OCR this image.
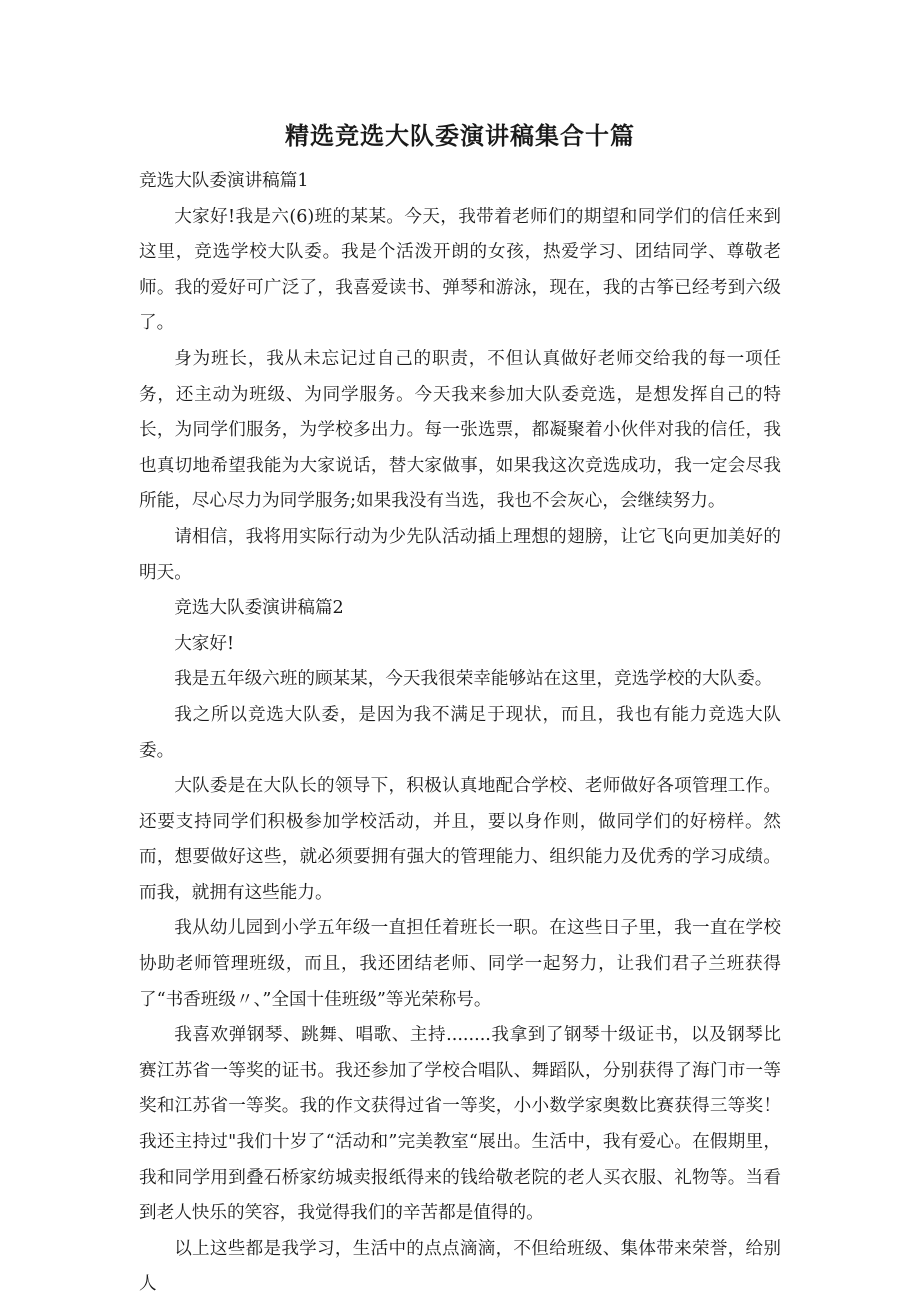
精选竞选大队委演讲稿集合十篇

竞选大队委演讲稿篇1

大家好!我是六(6)班的某某。今天，我带着老师们的期望和同学们的信任来到这里，竞选学校大队委。我是个活泼开朗的女孩，热爱学习、团结同学、尊敬老师。我的爱好可广泛了，我喜爱读书、弹琴和游泳，现在，我的古筝已经考到六级了。

身为班长，我从未忘记过自己的职责，不但认真做好老师交给我的每一项任务，还主动为班级、为同学服务。今天我来参加大队委竞选，是想发挥自己的特长，为同学们服务，为学校多出力。每一张选票，都凝聚着小伙伴对我的信任，我也真切地希望我能为大家说话，替大家做事，如果我这次竞选成功，我一定会尽我所能，尽心尽力为同学服务;如果我没有当选，我也不会灰心，会继续努力。

请相信，我将用实际行动为少先队活动插上理想的翅膀，让它飞向更加美好的明天。

竞选大队委演讲稿篇2

大家好!

我是五年级六班的顾某某，今天我很荣幸能够站在这里，竞选学校的大队委。

我之所以竞选大队委，是因为我不满足于现状，而且，我也有能力竞选大队委。

大队委是在大队长的领导下，积极认真地配合学校、老师做好各项管理工作。还要支持同学们积极参加学校活动，并且，要以身作则，做同学们的好榜样。然而，想要做好这些，就必须要拥有强大的管理能力、组织能力及优秀的学习成绩。而我，就拥有这些能力。

我从幼儿园到小学五年级一直担任着班长一职。在这些日子里，我一直在学校协助老师管理班级，而且，我还团结老师、同学一起努力，让我们君子兰班获得了“书香班级〃、”全国十佳班级”等光荣称号。

我喜欢弹钢琴、跳舞、唱歌、主持........我拿到了钢琴十级证书，以及钢琴比赛江苏省一等奖的证书。我还参加了学校合唱队、舞蹈队，分别获得了海门市一等奖和江苏省一等奖。我的作文获得过省一等奖，小小数学家奥数比赛获得三等奖！我还主持过"我们十岁了“活动和”完美教室“展出。生活中，我有爱心。在假期里，我和同学用到叠石桥家纺城卖报纸得来的钱给敬老院的老人买衣服、礼物等。当看到老人快乐的笑容，我觉得我们的辛苦都是值得的。

以上这些都是我学习，生活中的点点滴滴，不但给班级、集体带来荣誉，给别人
